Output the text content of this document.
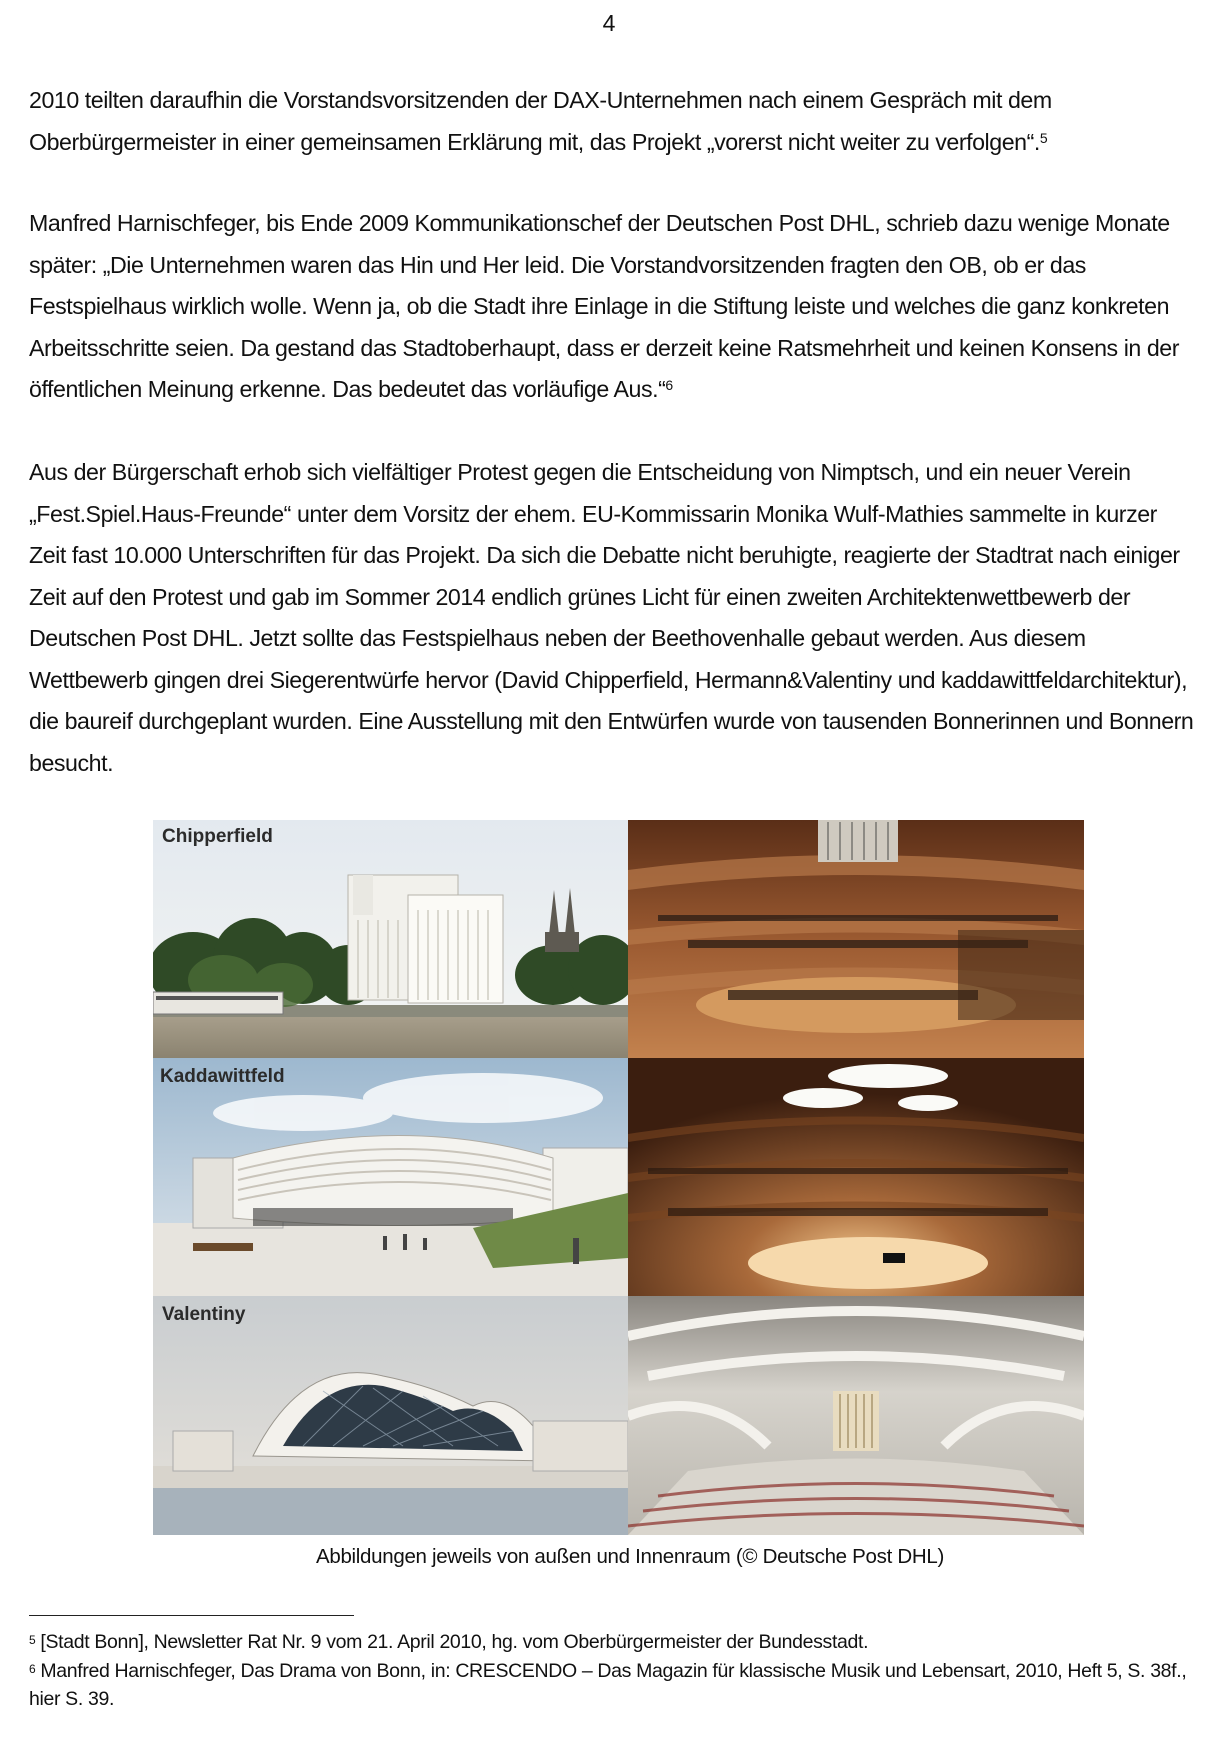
4

2010 teilten daraufhin die Vorstandsvorsitzenden der DAX-Unternehmen nach einem Gespräch mit dem Oberbürgermeister in einer gemeinsamen Erklärung mit, das Projekt „vorerst nicht weiter zu verfolgen“.$^5$

Manfred Harnischfeger, bis Ende 2009 Kommunikationschef der Deutschen Post DHL, schrieb dazu wenige Monate später: „Die Unternehmen waren das Hin und Her leid. Die Vorstandvorsitzenden fragten den OB, ob er das Festspielhaus wirklich wolle. Wenn ja, ob die Stadt ihre Einlage in die Stiftung leiste und welches die ganz konkreten Arbeitsschritte seien. Da gestand das Stadtoberhaupt, dass er derzeit keine Ratsmehrheit und keinen Konsens in der öffentlichen Meinung erkenne. Das bedeutet das vorläufige Aus.“$^6$

Aus der Bürgerschaft erhob sich vielfältiger Protest gegen die Entscheidung von Nimptsch, und ein neuer Verein „Fest.Spiel.Haus-Freunde“ unter dem Vorsitz der ehem. EU-Kommissarin Monika Wulf-Mathies sammelte in kurzer Zeit fast 10.000 Unterschriften für das Projekt. Da sich die Debatte nicht beruhigte, reagierte der Stadtrat nach einiger Zeit auf den Protest und gab im Sommer 2014 endlich grünes Licht für einen zweiten Architektenwettbewerb der Deutschen Post DHL. Jetzt sollte das Festspielhaus neben der Beethovenhalle gebaut werden. Aus diesem Wettbewerb gingen drei Siegerentwürfe hervor (David Chipperfield, Hermann&Valentiny und kaddawittfeldarchitektur), die baureif durchgeplant wurden. Eine Ausstellung mit den Entwürfen wurde von tausenden Bonnerinnen und Bonnern besucht.

Chipperfield
Kaddawittfeld
Valentiny
Abbildungen jeweils von außen und Innenraum (© Deutsche Post DHL)
$^5$ [Stadt Bonn], Newsletter Rat Nr. 9 vom 21. April 2010, hg. vom Oberbürgermeister der Bundesstadt.
$^6$ Manfred Harnischfeger, Das Drama von Bonn, in: CRESCENDO – Das Magazin für klassische Musik und Lebensart, 2010, Heft 5, S. 38f., hier S. 39.
